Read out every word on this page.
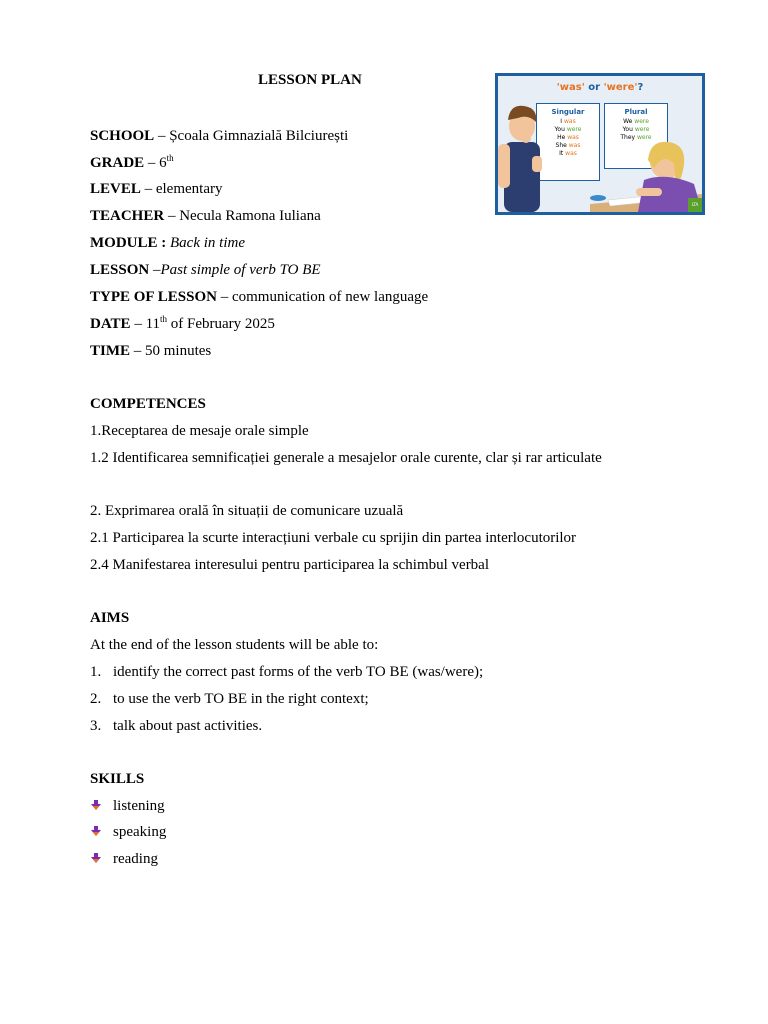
LESSON PLAN	'was' or 'were'?
Singular
I was
You were
He was
She was
It was
Plural
We were
You were
They were
LTA
SCHOOL – Școala Gimnazială Bilciurești
GRADE – 6th
LEVEL – elementary
TEACHER – Necula Ramona Iuliana
MODULE : Back in time
LESSON –Past simple of verb TO BE
TYPE OF LESSON – communication of new language
DATE – 11th of February 2025
TIME – 50 minutes
COMPETENCES
1.Receptarea de mesaje orale simple
1.2 Identificarea semnificației generale a mesajelor orale curente, clar și rar articulate
2. Exprimarea orală în situații de comunicare uzuală
2.1 Participarea la scurte interacțiuni verbale cu sprijin din partea interlocutorilor
2.4 Manifestarea interesului pentru participarea la schimbul verbal
AIMS
At the end of the lesson students will be able to:
1. identify the correct past forms of the verb TO BE (was/were);
2. to use the verb TO BE in the right context;
3. talk about past activities.
SKILLS
listening
speaking
reading
